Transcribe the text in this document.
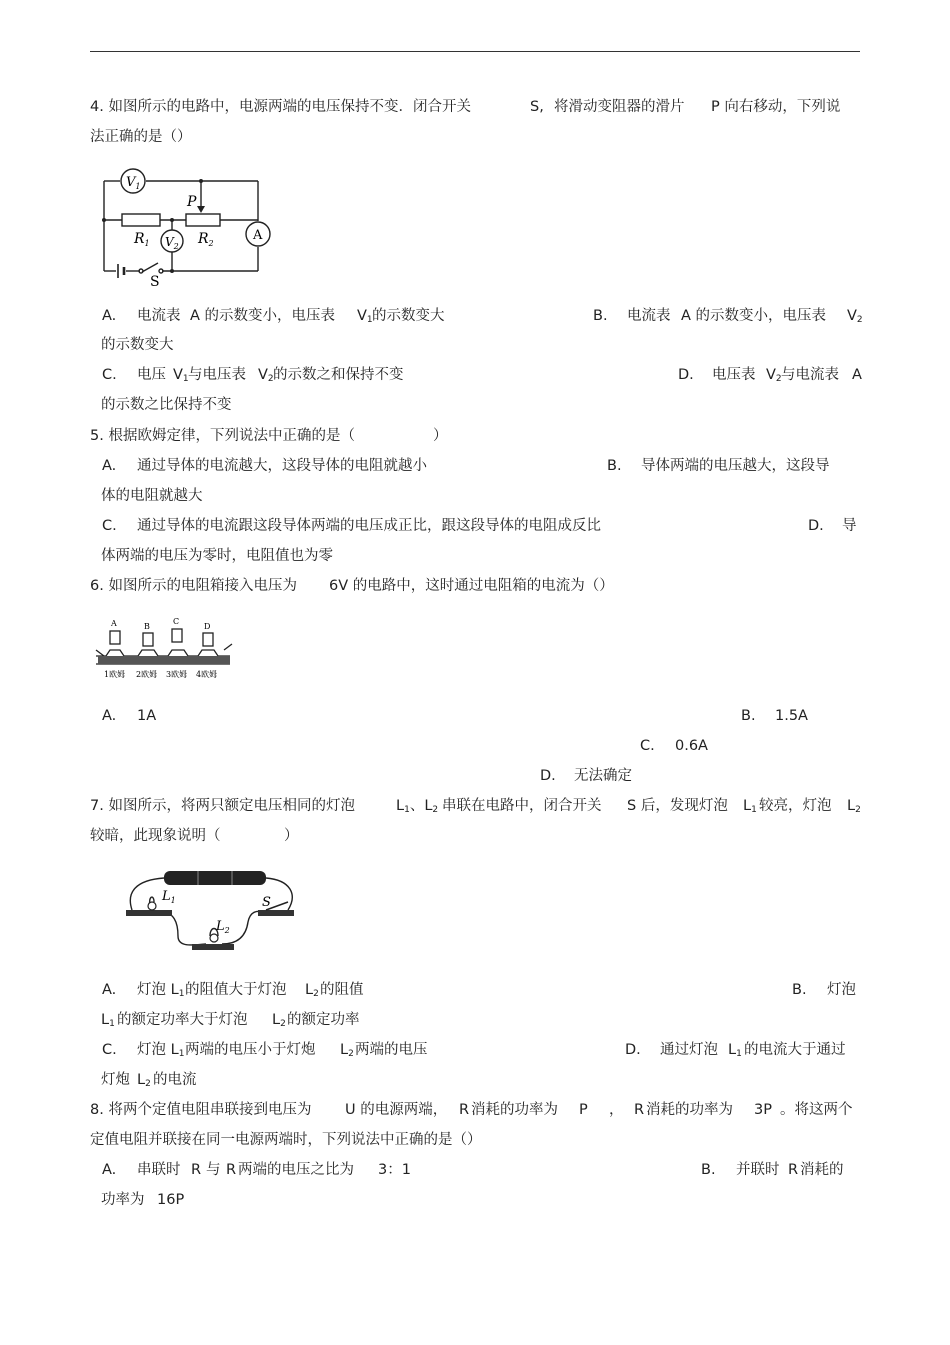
4. 如图所示的电路中，电源两端的电压保持不变．闭合开关	S, 将滑动变阻器的滑片 P 向右移动，下列说
法正确的是（）
$V_1$
$V_2$
$R_1$	$R_2$
P
A
S
A. 电流表 A 的示数变小，电压表 $V_1$ 的示数变大	B. 电流表 A 的示数变小，电压表 $V_2$
的示数变大
C. 电压 $V_1$ 与电压表 $V_2$ 的示数之和保持不变	D. 电压表 $V_2$ 与电流表 A
的示数之比保持不变
5. 根据欧姆定律，下列说法中正确的是（	）
A. 通过导体的电流越大，这段导体的电阻就越小	B. 导体两端的电压越大，这段导
体的电阻就越大
C. 通过导体的电流跟这段导体两端的电压成正比，跟这段导体的电阻成反比	D. 导
体两端的电压为零时，电阻值也为零
6. 如图所示的电阻箱接入电压为 6V 的电路中，这时通过电阻箱的电流为（）
A	B
C
D
1欧姆 2欧姆 3欧姆 4欧姆
A. 1A	B. 1.5A
C. 0.6A
D. 无法确定
7. 如图所示，将两只额定电压相同的灯泡	$L_1$、$L_2$ 串联在电路中，闭合开关 S 后，发现灯泡 $L_1$ 较亮，灯泡 $L_2$
较暗，此现象说明（	）
$L_1$
$L_2$
S
A. 灯泡 $L_1$ 的阻值大于灯泡 $L_2$ 的阻值	B. 灯泡
$L_1$ 的额定功率大于灯泡 $L_2$ 的额定功率
C. 灯泡 $L_1$ 两端的电压小于灯炮 $L_2$ 两端的电压	D. 通过灯泡 $L_1$ 的电流大于通过
灯炮 $L_2$ 的电流
8. 将两个定值电阻串联接到电压为 U 的电源两端， R 消耗的功率为 P ， R 消耗的功率为 3P 。将这两个
定值电阻并联接在同一电源两端时，下列说法中正确的是（）
A. 串联时 R 与 R 两端的电压之比为 3：1	B. 并联时 R 消耗的
功率为 16P
